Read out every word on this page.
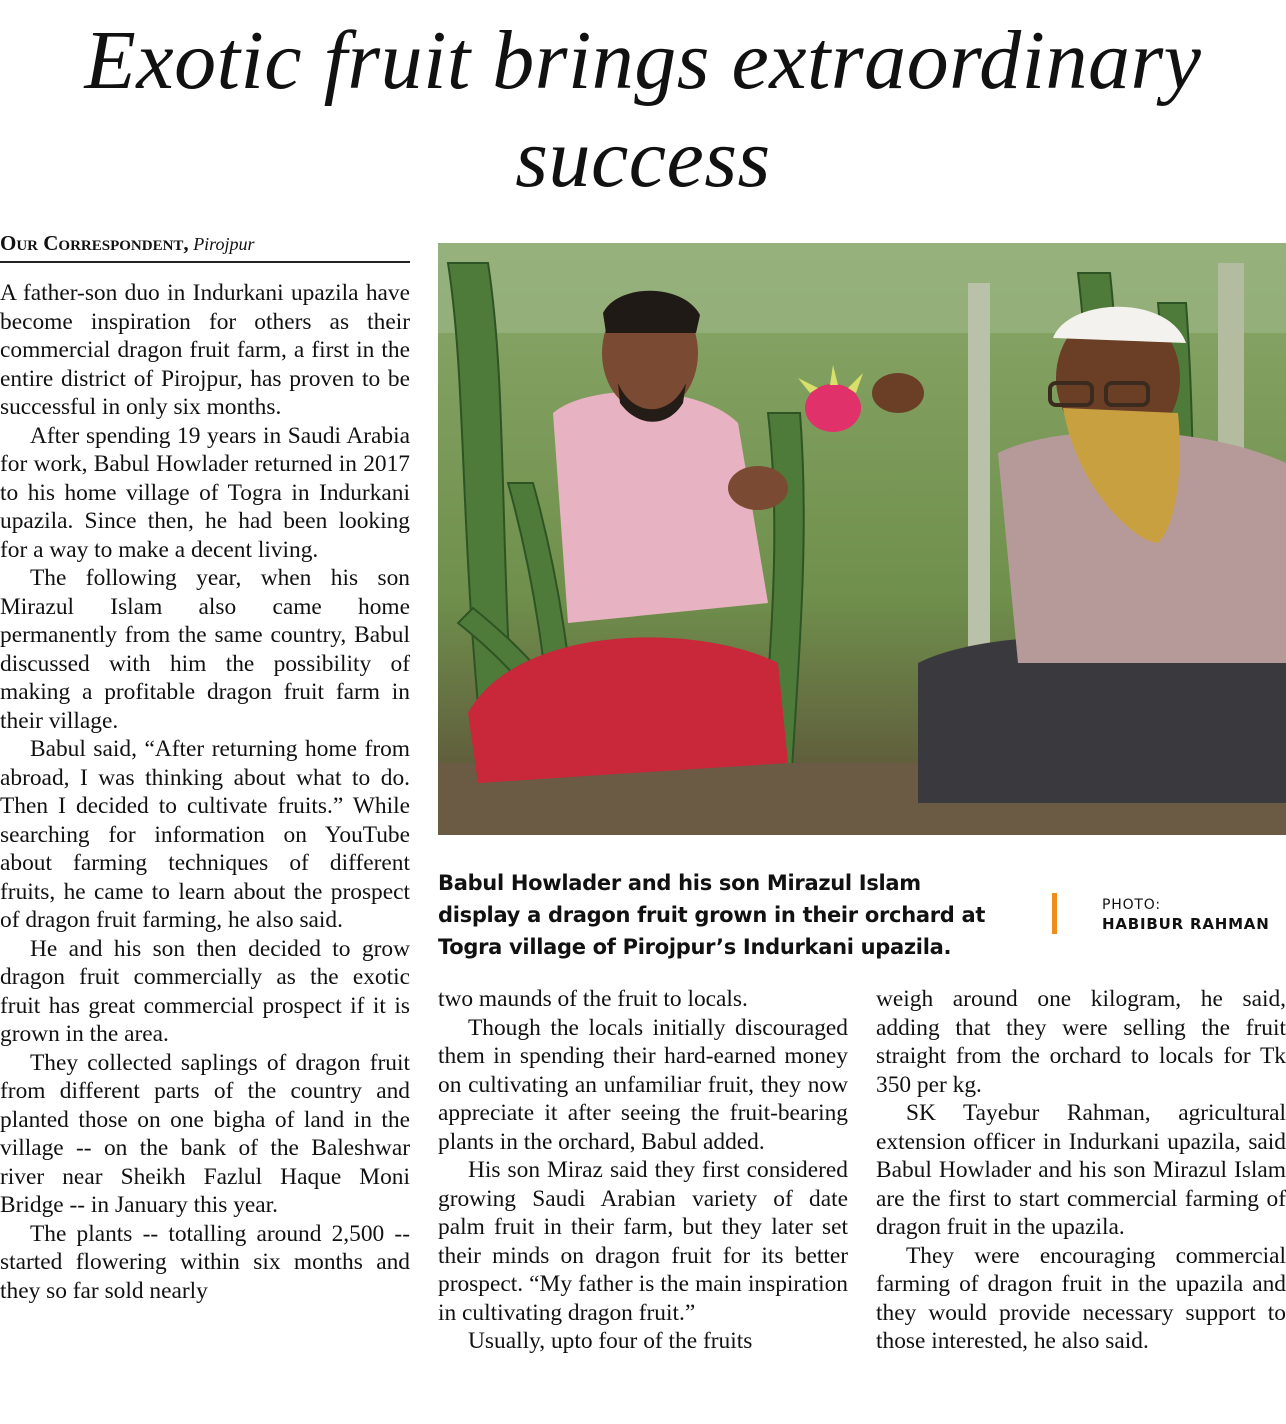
Exotic fruit brings extraordinary success
Our Correspondent, Pirojpur

A father-son duo in Indurkani upazila have become inspiration for others as their commercial dragon fruit farm, a first in the entire district of Pirojpur, has proven to be successful in only six months.

After spending 19 years in Saudi Arabia for work, Babul Howlader returned in 2017 to his home village of Togra in Indurkani upazila. Since then, he had been looking for a way to make a decent living.

The following year, when his son Mirazul Islam also came home permanently from the same country, Babul discussed with him the possibility of making a profitable dragon fruit farm in their village.

Babul said, “After returning home from abroad, I was thinking about what to do. Then I decided to cultivate fruits.” While searching for information on YouTube about farming techniques of different fruits, he came to learn about the prospect of dragon fruit farming, he also said.

He and his son then decided to grow dragon fruit commercially as the exotic fruit has great commercial prospect if it is grown in the area.

They collected saplings of dragon fruit from different parts of the country and planted those on one bigha of land in the village -- on the bank of the Baleshwar river near Sheikh Fazlul Haque Moni Bridge -- in January this year.

The plants -- totalling around 2,500 -- started flowering within six months and they so far sold nearly

Babul Howlader and his son Mirazul Islam display a dragon fruit grown in their orchard at Togra village of Pirojpur’s Indurkani upazila.
PHOTO:
HABIBUR RAHMAN

two maunds of the fruit to locals.

Though the locals initially discouraged them in spending their hard-earned money on cultivating an unfamiliar fruit, they now appreciate it after seeing the fruit-bearing plants in the orchard, Babul added.

His son Miraz said they first considered growing Saudi Arabian variety of date palm fruit in their farm, but they later set their minds on dragon fruit for its better prospect. “My father is the main inspiration in cultivating dragon fruit.”

Usually, upto four of the fruits

weigh around one kilogram, he said, adding that they were selling the fruit straight from the orchard to locals for Tk 350 per kg.

SK Tayebur Rahman, agricultural extension officer in Indurkani upazila, said Babul Howlader and his son Mirazul Islam are the first to start commercial farming of dragon fruit in the upazila.

They were encouraging commercial farming of dragon fruit in the upazila and they would provide necessary support to those interested, he also said.
